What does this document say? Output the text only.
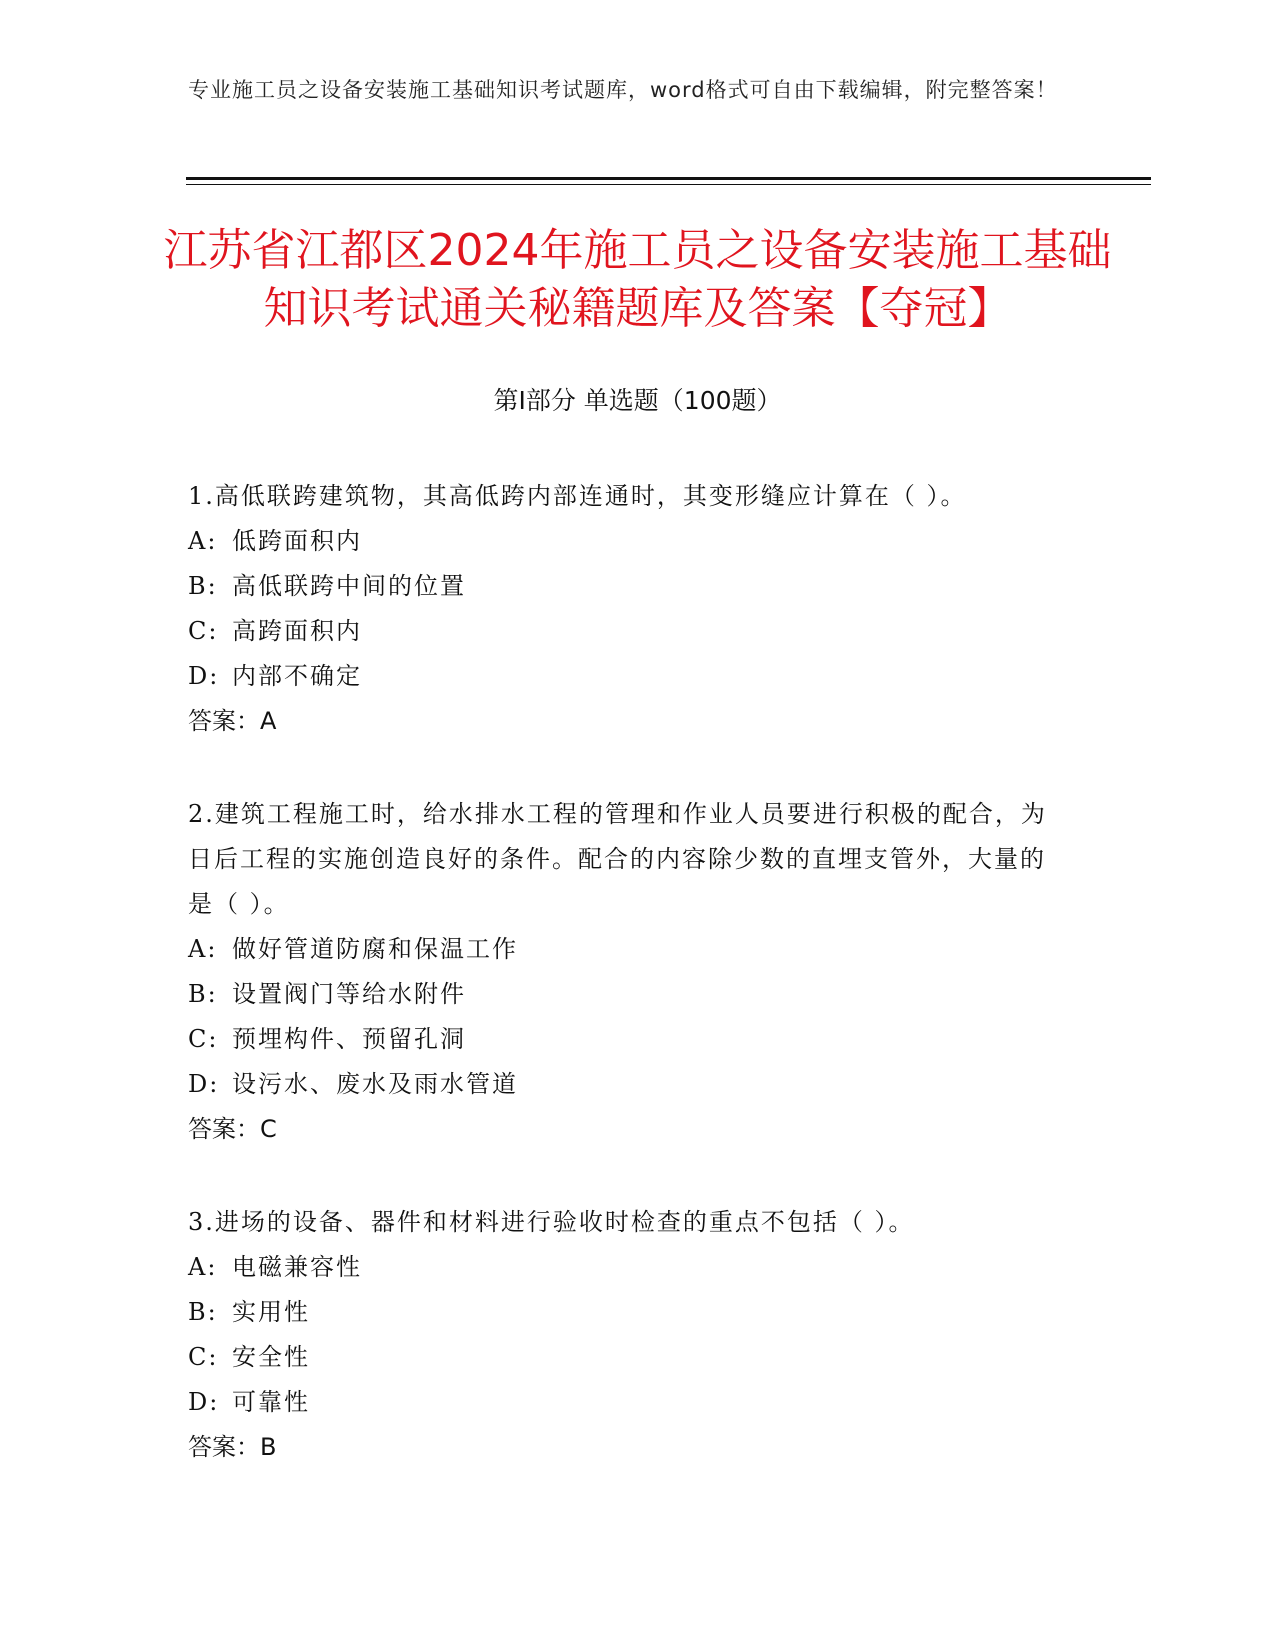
专业施工员之设备安装施工基础知识考试题库，word格式可自由下载编辑，附完整答案！
江苏省江都区2024年施工员之设备安装施工基础知识考试通关秘籍题库及答案【夺冠】
第Ⅰ部分 单选题（100题）
1.高低联跨建筑物，其高低跨内部连通时，其变形缝应计算在（ ）。
A: 低跨面积内
B: 高低联跨中间的位置
C: 高跨面积内
D: 内部不确定
答案：A
2.建筑工程施工时，给水排水工程的管理和作业人员要进行积极的配合，为日后工程的实施创造良好的条件。配合的内容除少数的直埋支管外，大量的是（ ）。
A: 做好管道防腐和保温工作
B: 设置阀门等给水附件
C: 预埋构件、预留孔洞
D: 设污水、废水及雨水管道
答案：C
3.进场的设备、器件和材料进行验收时检查的重点不包括（ ）。
A: 电磁兼容性
B: 实用性
C: 安全性
D: 可靠性
答案：B
